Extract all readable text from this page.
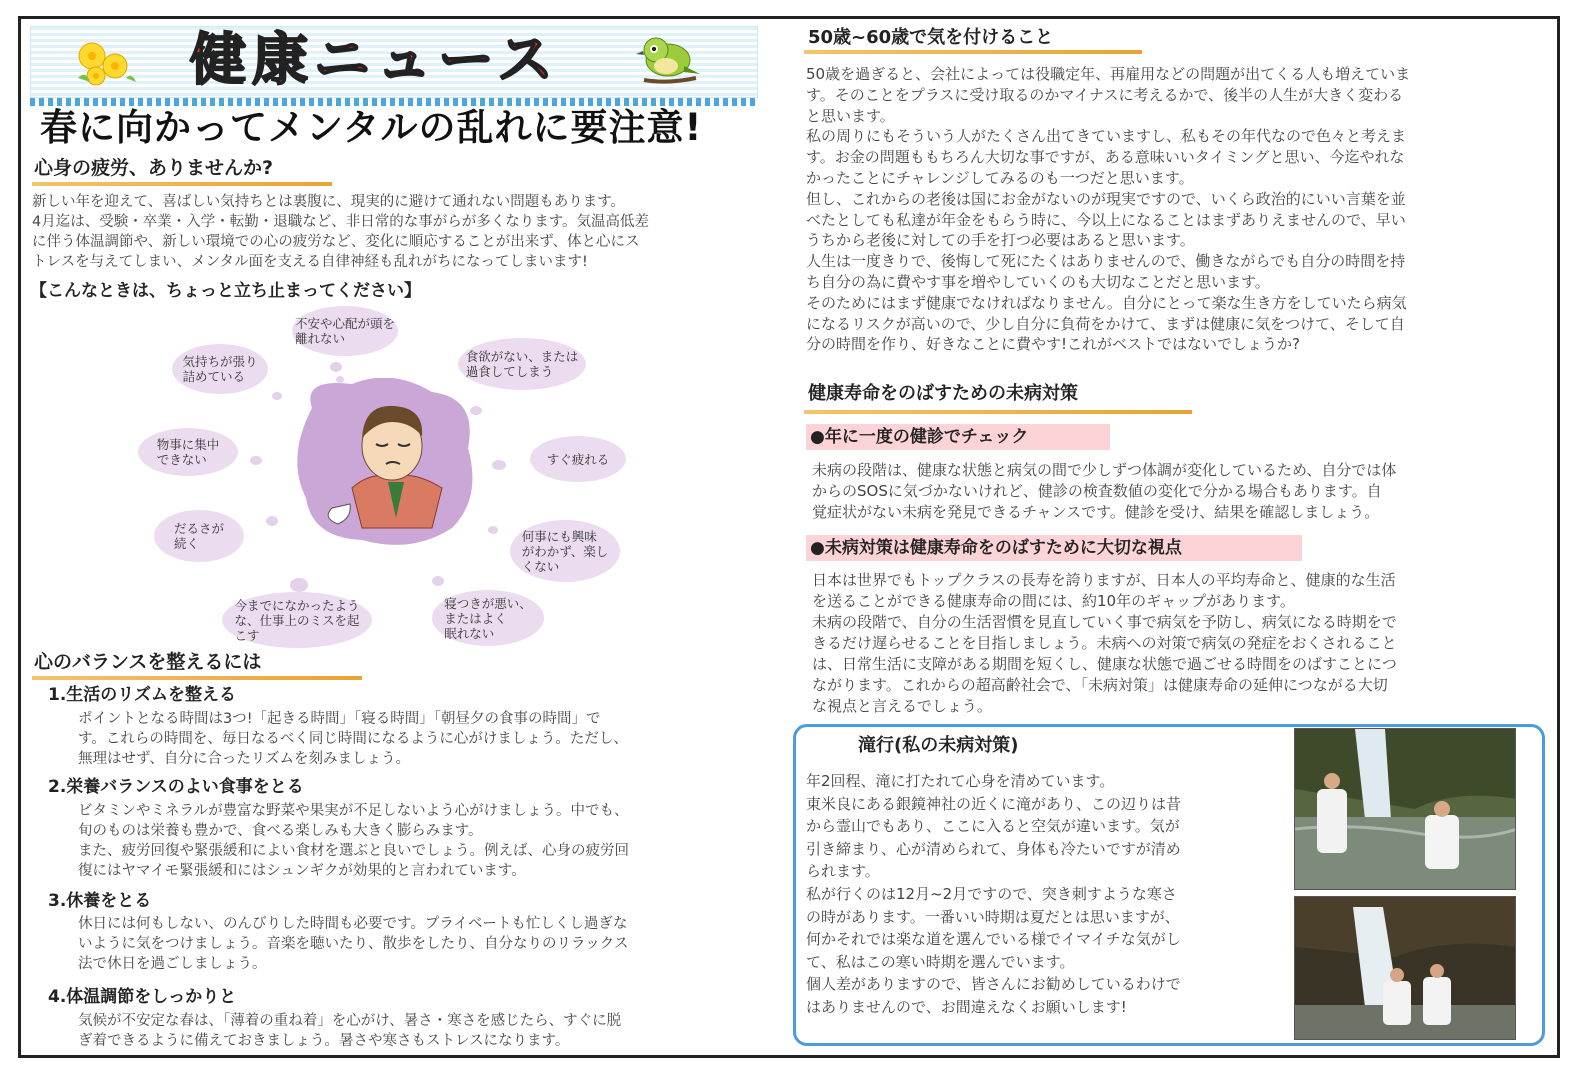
健康ニュース
春に向かってメンタルの乱れに要注意!
心身の疲労、ありませんか?

新しい年を迎えて、喜ばしい気持ちとは裏腹に、現実的に避けて通れない問題もあります。

4月迄は、受験・卒業・入学・転勤・退職など、非日常的な事がらが多くなります。気温高低差

に伴う体温調節や、新しい環境での心の疲労など、変化に順応することが出来ず、体と心にス

トレスを与えてしまい、メンタル面を支える自律神経も乱れがちになってしまいます!

【こんなときは、ちょっと立ち止まってください】
不安や心配が頭を
離れない
食欲がない、または
過食してしまう
すぐ疲れる
何事にも興味
がわかず、楽し
くない
寝つきが悪い、
またはよく
眠れない
今までになかったよう
な、仕事上のミスを起
こす
だるさが
続く
物事に集中
できない
気持ちが張り
詰めている
心のバランスを整えるには
1.生活のリズムを整える

ポイントとなる時間は3つ!「起きる時間」「寝る時間」「朝昼夕の食事の時間」で

す。これらの時間を、毎日なるべく同じ時間になるように心がけましょう。ただし、

無理はせず、自分に合ったリズムを刻みましょう。

2.栄養バランスのよい食事をとる

ビタミンやミネラルが豊富な野菜や果実が不足しないよう心がけましょう。中でも、

旬のものは栄養も豊かで、食べる楽しみも大きく膨らみます。

また、疲労回復や緊張緩和によい食材を選ぶと良いでしょう。例えば、心身の疲労回

復にはヤマイモ緊張緩和にはシュンギクが効果的と言われています。

3.休養をとる

休日には何もしない、のんびりした時間も必要です。プライベートも忙しくし過ぎな

いように気をつけましょう。音楽を聴いたり、散歩をしたり、自分なりのリラックス

法で休日を過ごしましょう。

4.体温調節をしっかりと

気候が不安定な春は、「薄着の重ね着」を心がけ、暑さ・寒さを感じたら、すぐに脱

ぎ着できるように備えておきましょう。暑さや寒さもストレスになります。

50歳~60歳で気を付けること

50歳を過ぎると、会社によっては役職定年、再雇用などの問題が出てくる人も増えていま

す。そのことをプラスに受け取るのかマイナスに考えるかで、後半の人生が大きく変わる

と思います。

私の周りにもそういう人がたくさん出てきていますし、私もその年代なので色々と考えま

す。お金の問題ももちろん大切な事ですが、ある意味いいタイミングと思い、今迄やれな

かったことにチャレンジしてみるのも一つだと思います。

但し、これからの老後は国にお金がないのが現実ですので、いくら政治的にいい言葉を並

べたとしても私達が年金をもらう時に、今以上になることはまずありえませんので、早い

うちから老後に対しての手を打つ必要はあると思います。

人生は一度きりで、後悔して死にたくはありませんので、働きながらでも自分の時間を持

ち自分の為に費やす事を増やしていくのも大切なことだと思います。

そのためにはまず健康でなければなりません。自分にとって楽な生き方をしていたら病気

になるリスクが高いので、少し自分に負荷をかけて、まずは健康に気をつけて、そして自

分の時間を作り、好きなことに費やす!これがベストではないでしょうか?

健康寿命をのばすための未病対策
●年に一度の健診でチェック

未病の段階は、健康な状態と病気の間で少しずつ体調が変化しているため、自分では体

からのSOSに気づかないけれど、健診の検査数値の変化で分かる場合もあります。自

覚症状がない未病を発見できるチャンスです。健診を受け、結果を確認しましょう。

●未病対策は健康寿命をのばすために大切な視点

日本は世界でもトップクラスの長寿を誇りますが、日本人の平均寿命と、健康的な生活

を送ることができる健康寿命の間には、約10年のギャップがあります。

未病の段階で、自分の生活習慣を見直していく事で病気を予防し、病気になる時期をで

きるだけ遅らせることを目指しましょう。未病への対策で病気の発症をおくされること

は、日常生活に支障がある期間を短くし、健康な状態で過ごせる時間をのばすことにつ

ながります。これからの超高齢社会で、「未病対策」は健康寿命の延伸につながる大切

な視点と言えるでしょう。

滝行(私の未病対策)

年2回程、滝に打たれて心身を清めています。

東米良にある銀鏡神社の近くに滝があり、この辺りは昔

から霊山でもあり、ここに入ると空気が違います。気が

引き締まり、心が清められて、身体も冷たいですが清め

られます。

私が行くのは12月~2月ですので、突き刺すような寒さ

の時があります。一番いい時期は夏だとは思いますが、

何かそれでは楽な道を選んでいる様でイマイチな気がし

て、私はこの寒い時期を選んでいます。

個人差がありますので、皆さんにお勧めしているわけで

はありませんので、お間違えなくお願いします!
